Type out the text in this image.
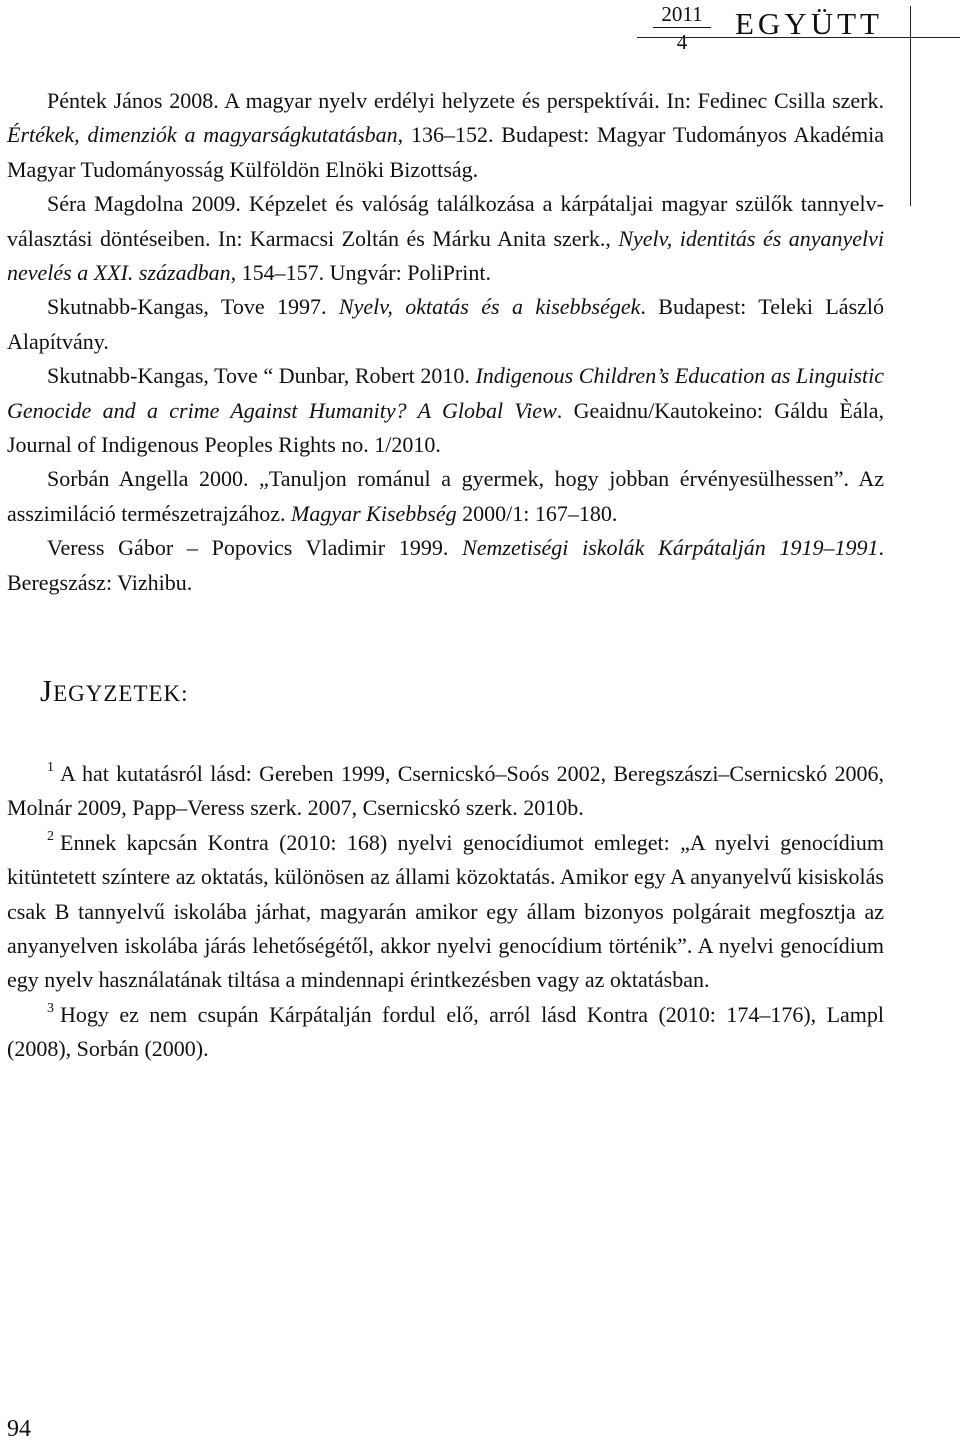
2011
4
EGYÜTT

Péntek János 2008. A magyar nyelv erdélyi helyzete és perspektívái. In: Fedinec Csilla szerk. Értékek, dimenziók a magyarságkutatásban, 136–152. Budapest: Magyar Tudományos Akadémia Magyar Tudományosság Külföldön Elnöki Bizottság.

Séra Magdolna 2009. Képzelet és valóság találkozása a kárpátaljai magyar szülők tannyelv-választási döntéseiben. In: Karmacsi Zoltán és Márku Anita szerk., Nyelv, identitás és anyanyelvi nevelés a XXI. században, 154–157. Ungvár: PoliPrint.

Skutnabb-Kangas, Tove 1997. Nyelv, oktatás és a kisebbségek. Budapest: Teleki László Alapítvány.

Skutnabb-Kangas, Tove “ Dunbar, Robert 2010. Indigenous Children’s Education as Linguistic Genocide and a crime Against Humanity? A Global View. Geaidnu/Kautokeino: Gáldu Èála, Journal of Indigenous Peoples Rights no. 1/2010.

Sorbán Angella 2000. „Tanuljon románul a gyermek, hogy jobban érvényesülhessen”. Az asszimiláció természetrajzához. Magyar Kisebbség 2000/1: 167–180.

Veress Gábor – Popovics Vladimir 1999. Nemzetiségi iskolák Kárpátalján 1919–1991. Beregszász: Vizhibu.

JEGYZETEK:

$^1$ A hat kutatásról lásd: Gereben 1999, Csernicskó–Soós 2002, Beregszászi–Csernicskó 2006, Molnár 2009, Papp–Veress szerk. 2007, Csernicskó szerk. 2010b.

$^2$ Ennek kapcsán Kontra (2010: 168) nyelvi genocídiumot emleget: „A nyelvi genocídium kitüntetett színtere az oktatás, különösen az állami közoktatás. Amikor egy A anyanyelvű kisiskolás csak B tannyelvű iskolába járhat, magyarán amikor egy állam bizonyos polgárait megfosztja az anyanyelven iskolába járás lehetőségétől, akkor nyelvi genocídium történik”. A nyelvi genocídium egy nyelv használatának tiltása a mindennapi érintkezésben vagy az oktatásban.

$^3$ Hogy ez nem csupán Kárpátalján fordul elő, arról lásd Kontra (2010: 174–176), Lampl (2008), Sorbán (2000).

94
